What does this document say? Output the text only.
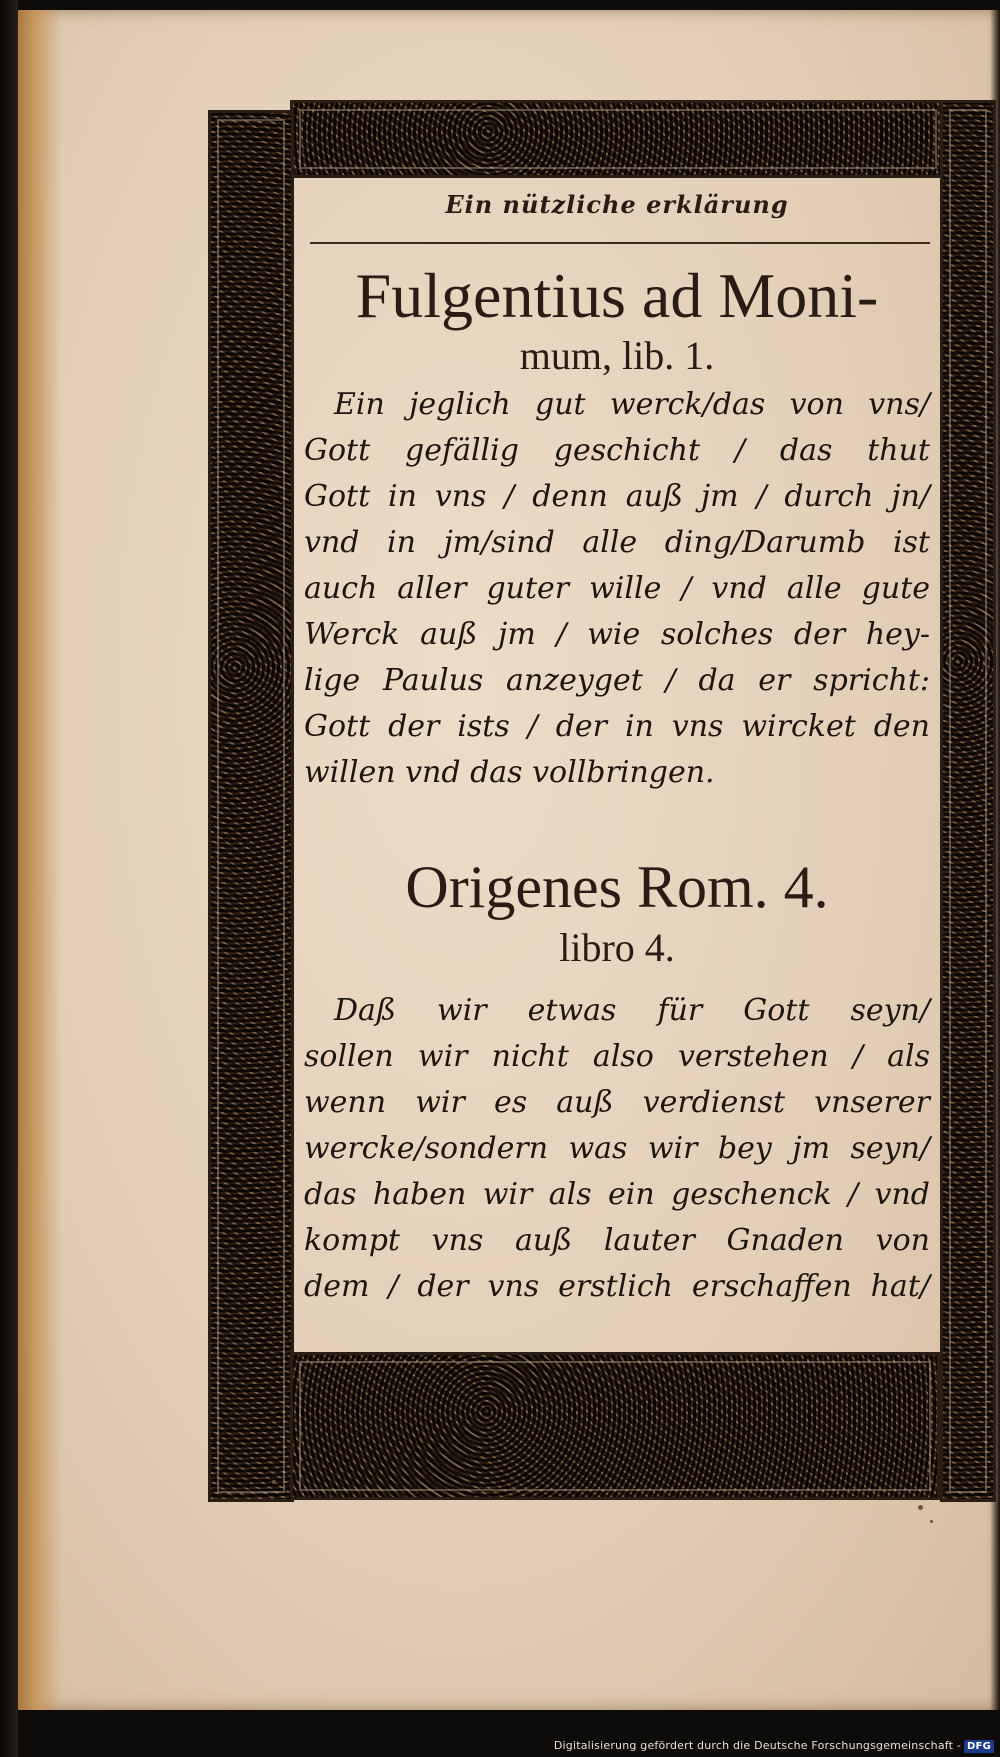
Ein nützliche erklärung
Fulgentius ad Moni-
mum, lib. 1.
Ein jeglich gut werck/das von vns/
Gott gefällig geschicht / das thut
Gott in vns / denn auß jm / durch jn/
vnd in jm/sind alle ding/Darumb ist
auch aller guter wille / vnd alle gute
Werck auß jm / wie solches der hey-
lige Paulus anzeyget / da er spricht:
Gott der ists / der in vns wircket den
willen vnd das vollbringen.
Origenes Rom. 4.
libro 4.
Daß wir etwas für Gott seyn/
sollen wir nicht also verstehen / als
wenn wir es auß verdienst vnserer
wercke/sondern was wir bey jm seyn/
das haben wir als ein geschenck / vnd
kompt vns auß lauter Gnaden von
dem / der vns erstlich erschaffen hat/
Digitalisierung gefördert durch die Deutsche Forschungsgemeinschaft - DFG
